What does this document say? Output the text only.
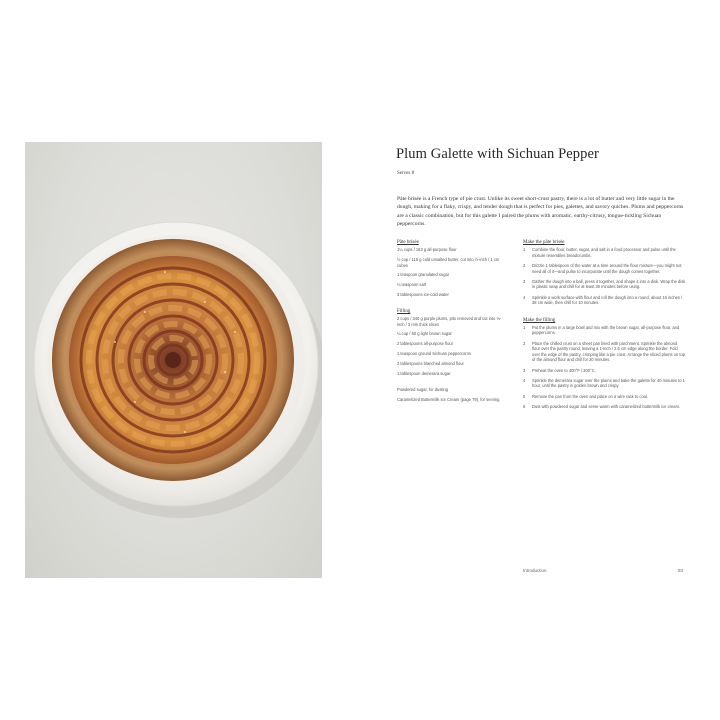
Plum Galette with Sichuan Pepper
Serves 8

Pâte brisée is a French type of pie crust. Unlike its sweet short-crust pastry, there is a lot of butter and very little sugar in the dough, making for a flaky, crispy, and tender dough that is perfect for pies, galettes, and savory quiches. Plums and peppercorns are a classic combination, but for this galette I paired the plums with aromatic, earthy-citrusy, tongue-tickling Sichuan peppercorns.

Pâte brisée
1¼ cups / 163 g all-purpose flour
½ cup / 115 g cold unsalted butter, cut into ½-inch / 1 cm cubes
1 teaspoon granulated sugar
¼ teaspoon salt
3 tablespoons ice-cold water
Filling
2 cups / 340 g purple plums, pits removed and cut into ⅛-inch / 3 mm thick slices
¼ cup / 50 g light brown sugar
2 tablespoons all-purpose flour
1 teaspoon ground Sichuan peppercorns
2 tablespoons blanched almond flour
1 tablespoon demerara sugar
Powdered sugar, for dusting
Caramelized Buttermilk Ice Cream (page 79), for serving
Make the pâte brisée
1	Combine the flour, butter, sugar, and salt in a food processor and pulse until the mixture resembles breadcrumbs.
2	Drizzle 1 tablespoon of the water at a time around the flour mixture—you might not need all of it—and pulse to incorporate until the dough comes together.
3	Gather the dough into a ball, press it together, and shape it into a disk. Wrap the disk in plastic wrap and chill for at least 30 minutes before using.
4	Sprinkle a work surface with flour and roll the dough into a round, about 16 inches / 38 cm wide, then chill for 10 minutes.
Make the filling
1	Put the plums in a large bowl and mix with the brown sugar, all-purpose flour, and peppercorns.
2	Place the chilled crust on a sheet pan lined with parchment. Sprinkle the almond flour over the pastry round, leaving a 1-inch / 2.5 cm edge along the border. Fold over the edge of the pastry, crimping like a pie crust. Arrange the sliced plums on top of the almond flour and chill for 20 minutes.
3	Preheat the oven to 400°F / 200°C.
4	Sprinkle the demerara sugar over the plums and bake the galette for 40 minutes to 1 hour, until the pastry is golden brown and crispy.
5	Remove the pan from the oven and place on a wire rack to cool.
6	Dust with powdered sugar and serve warm with caramelized buttermilk ice cream.
Introduction	93
